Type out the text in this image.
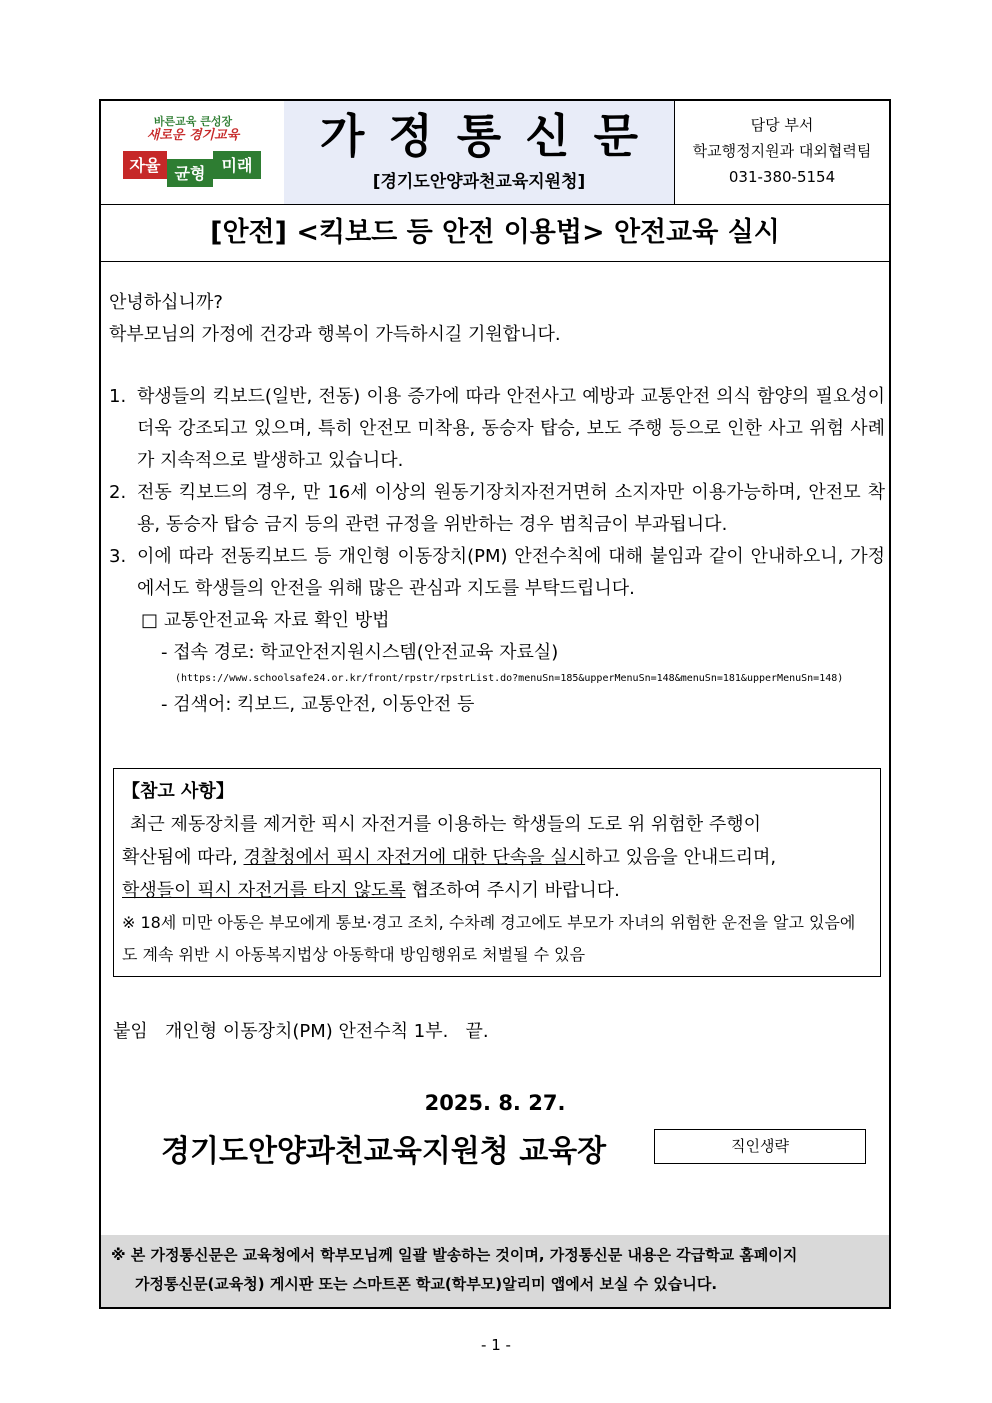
바른교육 큰성장
새로운 경기교육
자율 균형 미래
가정통신문
[경기도안양과천교육지원청]
담당 부서
학교행정지원과 대외협력팀
031-380-5154
[안전] <킥보드 등 안전 이용법> 안전교육 실시

안녕하십니까?

학부모님의 가정에 건강과 행복이 가득하시길 기원합니다.

1. 학생들의 킥보드(일반, 전동) 이용 증가에 따라 안전사고 예방과 교통안전 의식 함양의 필요성이 더욱 강조되고 있으며, 특히 안전모 미착용, 동승자 탑승, 보도 주행 등으로 인한 사고 위험 사례가 지속적으로 발생하고 있습니다.
2. 전동 킥보드의 경우, 만 16세 이상의 원동기장치자전거면허 소지자만 이용가능하며, 안전모 착용, 동승자 탑승 금지 등의 관련 규정을 위반하는 경우 범칙금이 부과됩니다.
3. 이에 따라 전동킥보드 등 개인형 이동장치(PM) 안전수칙에 대해 붙임과 같이 안내하오니, 가정에서도 학생들의 안전을 위해 많은 관심과 지도를 부탁드립니다.
□ 교통안전교육 자료 확인 방법
- 접속 경로: 학교안전지원시스템(안전교육 자료실)
(https://www.schoolsafe24.or.kr/front/rpstr/rpstrList.do?menuSn=185&upperMenuSn=148&menuSn=181&upperMenuSn=148)
- 검색어: 킥보드, 교통안전, 이동안전 등
【참고 사항】
최근 제동장치를 제거한 픽시 자전거를 이용하는 학생들의 도로 위 위험한 주행이
확산됨에 따라, 경찰청에서 픽시 자전거에 대한 단속을 실시하고 있음을 안내드리며,
학생들이 픽시 자전거를 타지 않도록 협조하여 주시기 바랍니다.
※ 18세 미만 아동은 부모에게 통보·경고 조치, 수차례 경고에도 부모가 자녀의 위험한 운전을 알고 있음에도 계속 위반 시 아동복지법상 아동학대 방임행위로 처벌될 수 있음
붙임   개인형 이동장치(PM) 안전수칙 1부.   끝.
2025. 8. 27.
경기도안양과천교육지원청 교육장	직인생략
※ 본 가정통신문은 교육청에서 학부모님께 일괄 발송하는 것이며, 가정통신문 내용은 각급학교 홈페이지
가정통신문(교육청) 게시판 또는 스마트폰 학교(학부모)알리미 앱에서 보실 수 있습니다.
- 1 -
